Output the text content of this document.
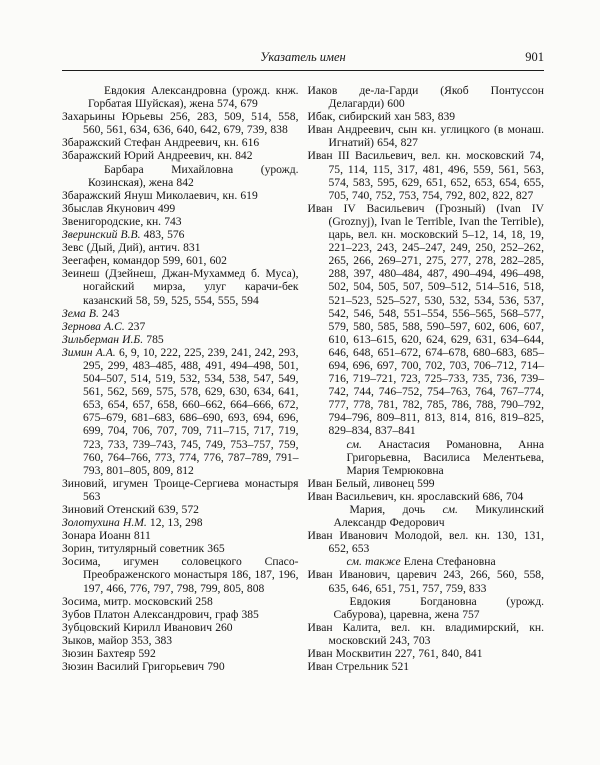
Указатель имен	901

Евдокия Александровна (урожд. кнж. Горбатая Шуйская), жена 574, 679

Захарьины Юрьевы 256, 283, 509, 514, 558, 560, 561, 634, 636, 640, 642, 679, 739, 838

Збаражский Стефан Андреевич, кн. 616

Збаражский Юрий Андреевич, кн. 842

Барбара Михайловна (урожд. Козинская), жена 842

Збаражский Януш Миколаевич, кн. 619

Збыслав Якунович 499

Звенигородские, кн. 743

Зверинский В.В. 483, 576

Зевс (Дый, Дий), антич. 831

Зеегафен, командор 599, 601, 602

Зеинеш (Дзейнеш, Джан-Мухаммед б. Муса), ногайский мирза, улуг карачи-бек казанский 58, 59, 525, 554, 555, 594

Зема В. 243

Зернова А.С. 237

Зильберман И.Б. 785

Зимин А.А. 6, 9, 10, 222, 225, 239, 241, 242, 293, 295, 299, 483–485, 488, 491, 494–498, 501, 504–507, 514, 519, 532, 534, 538, 547, 549, 561, 562, 569, 575, 578, 629, 630, 634, 641, 653, 654, 657, 658, 660–662, 664–666, 672, 675–679, 681–683, 686–690, 693, 694, 696, 699, 704, 706, 707, 709, 711–715, 717, 719, 723, 733, 739–743, 745, 749, 753–757, 759, 760, 764–766, 773, 774, 776, 787–789, 791–793, 801–805, 809, 812

Зиновий, игумен Троице-Сергиева монастыря 563

Зиновий Отенский 639, 572

Золотухина Н.М. 12, 13, 298

Зонара Иоанн 811

Зорин, титулярный советник 365

Зосима, игумен соловецкого Спасо-Преображенского монастыря 186, 187, 196, 197, 466, 776, 797, 798, 799, 805, 808

Зосима, митр. московский 258

Зубов Платон Александрович, граф 385

Зубцовский Кирилл Иванович 260

Зыков, майор 353, 383

Зюзин Бахтеяр 592

Зюзин Василий Григорьевич 790

Иаков де-ла-Гарди (Якоб Понтуссон Делагарди) 600

Ибак, сибирский хан 583, 839

Иван Андреевич, сын кн. углицкого (в монаш. Игнатий) 654, 827

Иван III Васильевич, вел. кн. московский 74, 75, 114, 115, 317, 481, 496, 559, 561, 563, 574, 583, 595, 629, 651, 652, 653, 654, 655, 705, 740, 752, 753, 754, 792, 802, 822, 827

Иван IV Васильевич (Грозный) (Ivan IV (Groznyj), Ivan le Terrible, Ivan the Terrible), царь, вел. кн. московский 5–12, 14, 18, 19, 221–223, 243, 245–247, 249, 250, 252–262, 265, 266, 269–271, 275, 277, 278, 282–285, 288, 397, 480–484, 487, 490–494, 496–498, 502, 504, 505, 507, 509–512, 514–516, 518, 521–523, 525–527, 530, 532, 534, 536, 537, 542, 546, 548, 551–554, 556–565, 568–577, 579, 580, 585, 588, 590–597, 602, 606, 607, 610, 613–615, 620, 624, 629, 631, 634–644, 646, 648, 651–672, 674–678, 680–683, 685–694, 696, 697, 700, 702, 703, 706–712, 714–716, 719–721, 723, 725–733, 735, 736, 739–742, 744, 746–752, 754–763, 764, 767–774, 777, 778, 781, 782, 785, 786, 788, 790–792, 794–796, 809–811, 813, 814, 816, 819–825, 829–834, 837–841

см. Анастасия Романовна, Анна Григорьевна, Василиса Мелентьева, Мария Темрюковна

Иван Белый, ливонец 599

Иван Васильевич, кн. ярославский 686, 704

Мария, дочь см. Микулинский Александр Федорович

Иван Иванович Молодой, вел. кн. 130, 131, 652, 653

см. также Елена Стефановна

Иван Иванович, царевич 243, 266, 560, 558, 635, 646, 651, 751, 757, 759, 833

Евдокия Богдановна (урожд. Сабурова), царевна, жена 757

Иван Калита, вел. кн. владимирский, кн. московский 243, 703

Иван Москвитин 227, 761, 840, 841

Иван Стрельник 521
